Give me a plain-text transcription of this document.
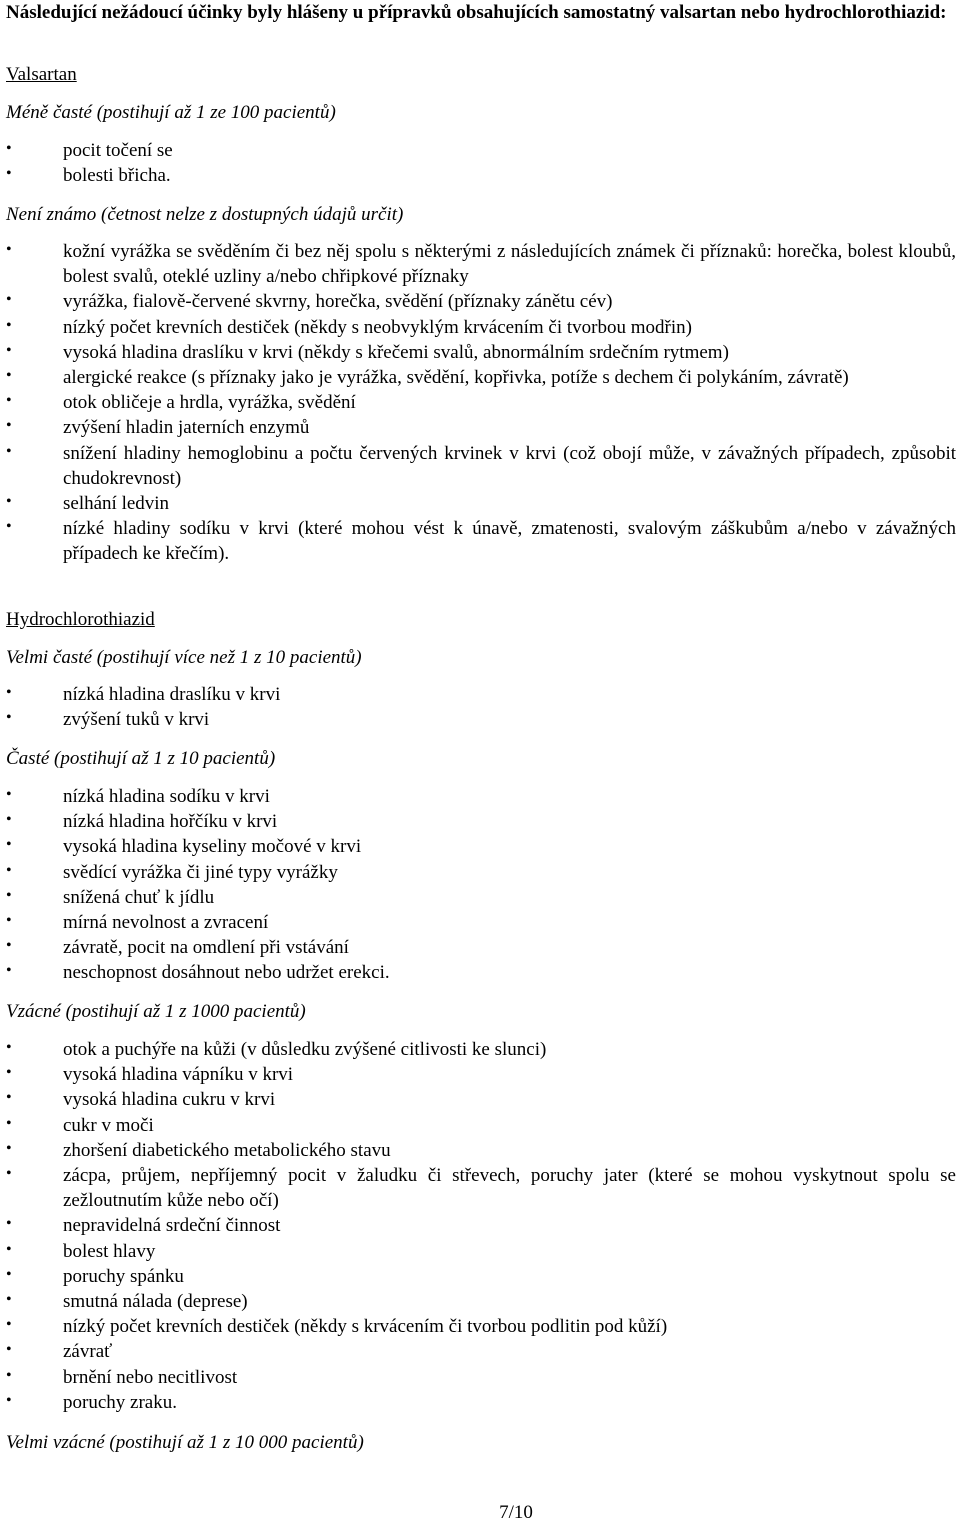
Následující nežádoucí účinky byly hlášeny u přípravků obsahujících samostatný valsartan nebo hydrochlorothiazid:

Valsartan

Méně časté (postihují až 1 ze 100 pacientů)

• pocit točení se
• bolesti břicha.

Není známo (četnost nelze z dostupných údajů určit)

• kožní vyrážka se svěděním či bez něj spolu s některými z následujících známek či příznaků: horečka, bolest kloubů, bolest svalů, oteklé uzliny a/nebo chřipkové příznaky
• vyrážka, fialově-červené skvrny, horečka, svědění (příznaky zánětu cév)
• nízký počet krevních destiček (někdy s neobvyklým krvácením či tvorbou modřin)
• vysoká hladina draslíku v krvi (někdy s křečemi svalů, abnormálním srdečním rytmem)
• alergické reakce (s příznaky jako je vyrážka, svědění, kopřivka, potíže s dechem či polykáním, závratě)
• otok obličeje a hrdla, vyrážka, svědění
• zvýšení hladin jaterních enzymů
• snížení hladiny hemoglobinu a počtu červených krvinek v krvi (což obojí může, v závažných případech, způsobit chudokrevnost)
• selhání ledvin
• nízké hladiny sodíku v krvi (které mohou vést k únavě, zmatenosti, svalovým záškubům a/nebo v závažných případech ke křečím).

Hydrochlorothiazid

Velmi časté (postihují více než 1 z 10 pacientů)

• nízká hladina draslíku v krvi
• zvýšení tuků v krvi

Časté (postihují až 1 z 10 pacientů)

• nízká hladina sodíku v krvi
• nízká hladina hořčíku v krvi
• vysoká hladina kyseliny močové v krvi
• svědící vyrážka či jiné typy vyrážky
• snížená chuť k jídlu
• mírná nevolnost a zvracení
• závratě, pocit na omdlení při vstávání
• neschopnost dosáhnout nebo udržet erekci.

Vzácné (postihují až 1 z 1000 pacientů)

• otok a puchýře na kůži (v důsledku zvýšené citlivosti ke slunci)
• vysoká hladina vápníku v krvi
• vysoká hladina cukru v krvi
• cukr v moči
• zhoršení diabetického metabolického stavu
• zácpa, průjem, nepříjemný pocit v žaludku či střevech, poruchy jater (které se mohou vyskytnout spolu se zežloutnutím kůže nebo očí)
• nepravidelná srdeční činnost
• bolest hlavy
• poruchy spánku
• smutná nálada (deprese)
• nízký počet krevních destiček (někdy s krvácením či tvorbou podlitin pod kůží)
• závrať
• brnění nebo necitlivost
• poruchy zraku.

Velmi vzácné (postihují až 1 z 10 000 pacientů)

7/10
